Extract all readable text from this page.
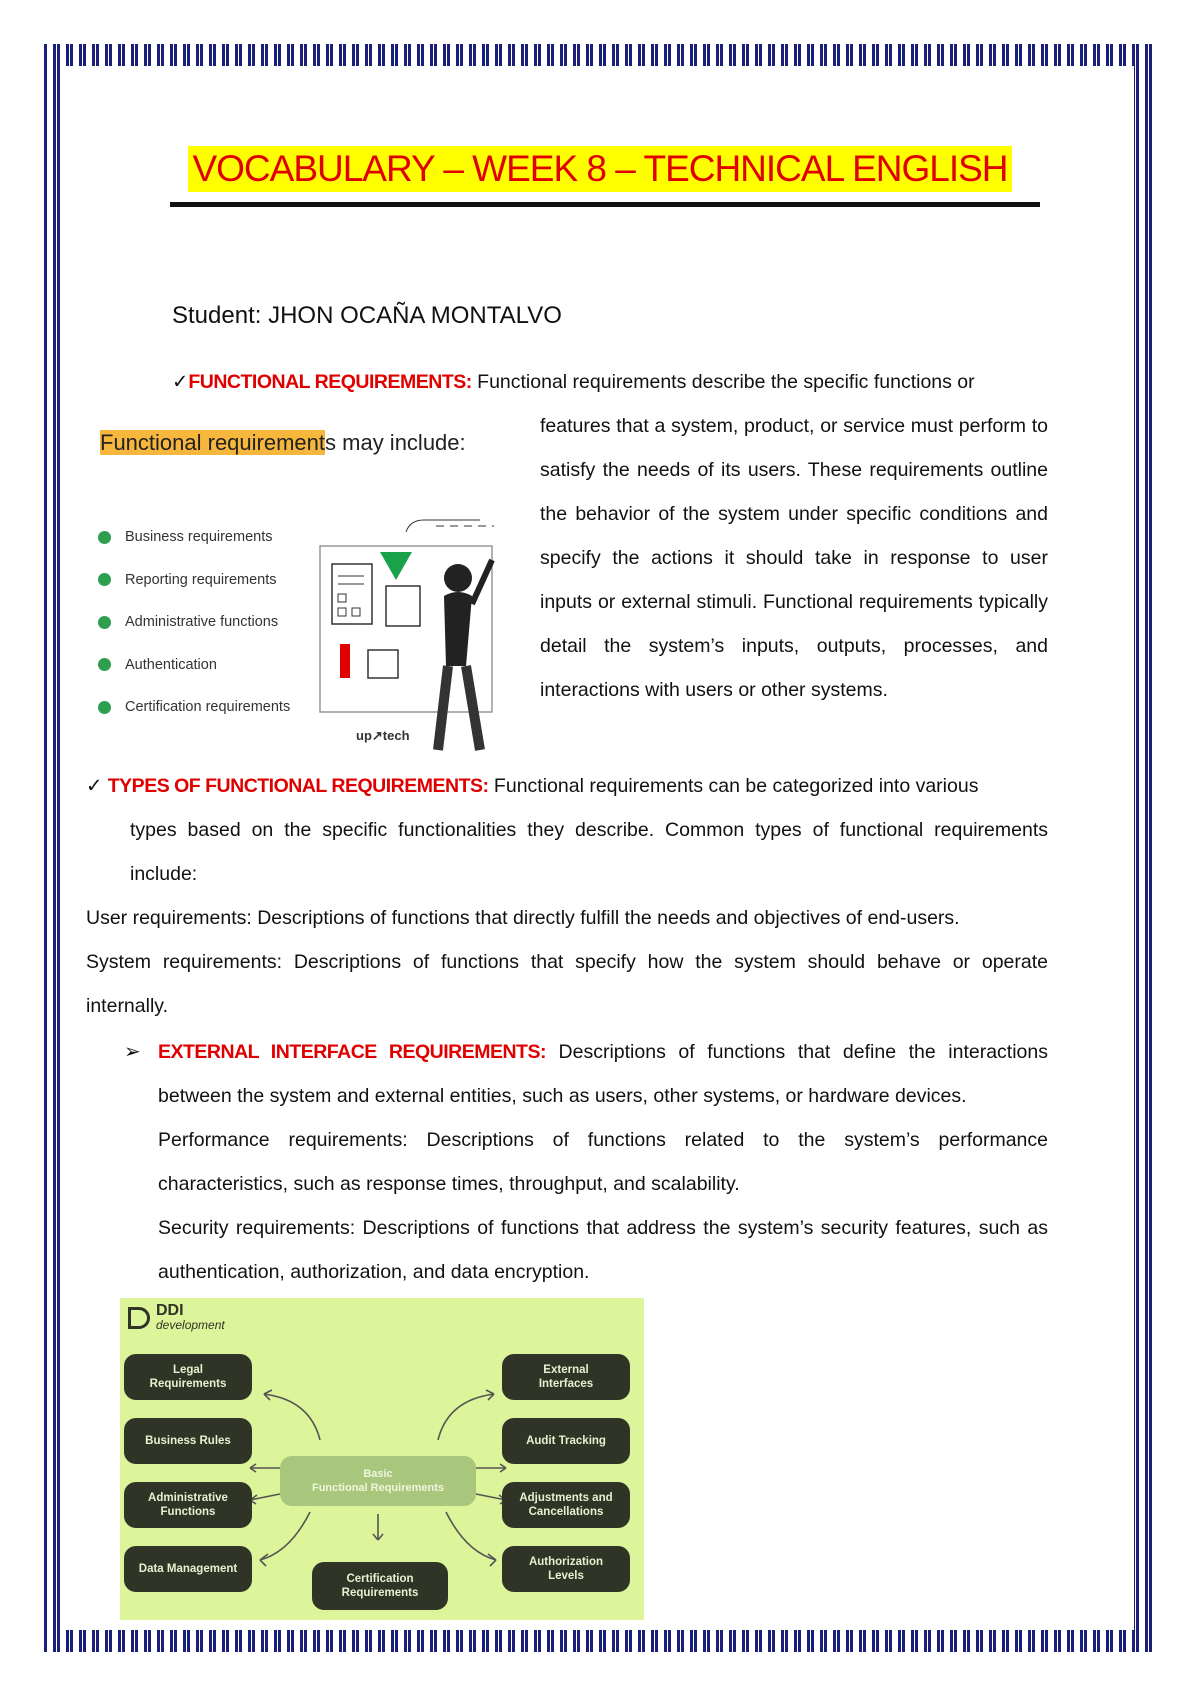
VOCABULARY – WEEK 8 – TECHNICAL ENGLISH
Student: JHON OCAÑA MONTALVO
✓FUNCTIONAL REQUIREMENTS: Functional requirements describe the specific functions or
Functional requirements may include:
Business requirements
Reporting requirements
Administrative functions
Authentication
Certification requirements
up↗tech

features that a system, product, or service must perform to satisfy the needs of its users. These requirements outline the behavior of the system under specific conditions and specify the actions it should take in response to user inputs or external stimuli. Functional requirements typically detail the system’s inputs, outputs, processes, and interactions with users or other systems.

✓ TYPES OF FUNCTIONAL REQUIREMENTS: Functional requirements can be categorized into various

types based on the specific functionalities they describe. Common types of functional requirements include:

User requirements: Descriptions of functions that directly fulfill the needs and objectives of end-users.
System requirements: Descriptions of functions that specify how the system should behave or operate internally.
➢ EXTERNAL INTERFACE REQUIREMENTS: Descriptions of functions that define the interactions between the system and external entities, such as users, other systems, or hardware devices.

Performance requirements: Descriptions of functions related to the system’s performance characteristics, such as response times, throughput, and scalability.

Security requirements: Descriptions of functions that address the system’s security features, such as authentication, authorization, and data encryption.

DDI
development
Basic
Functional Requirements
Legal
Requirements
Business Rules
Administrative
Functions
Data Management
Certification
Requirements
External
Interfaces
Audit Tracking
Adjustments and
Cancellations
Authorization
Levels
